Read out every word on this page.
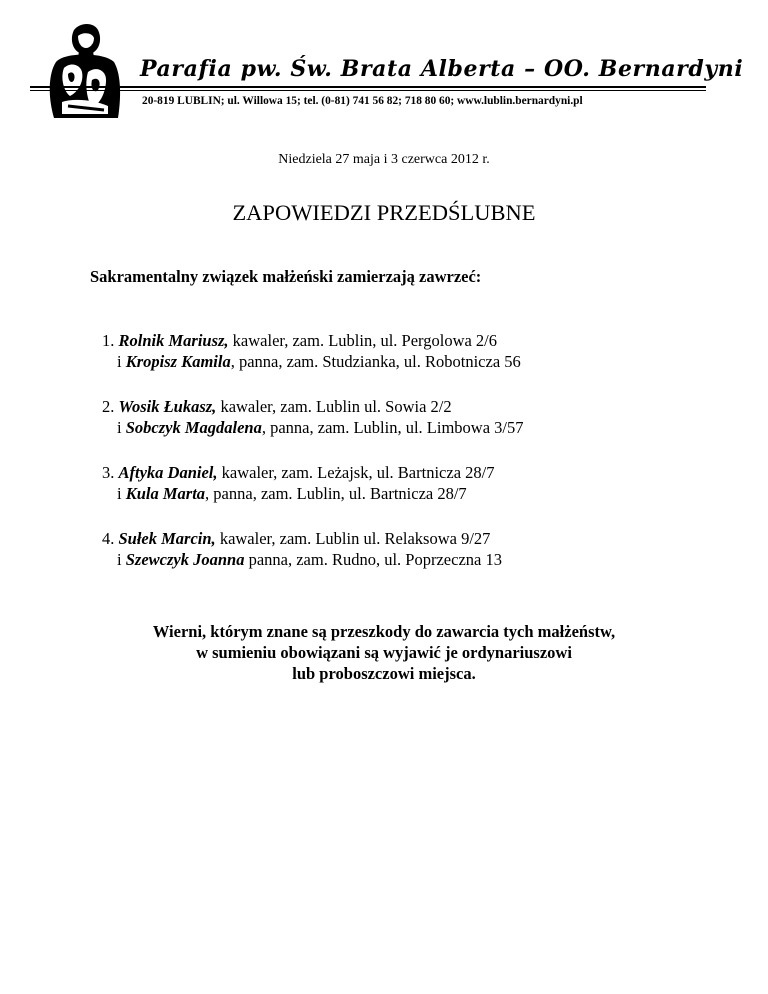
Parafia pw. Św. Brata Alberta – OO. Bernardyni
20-819 LUBLIN; ul. Willowa 15; tel. (0-81) 741 56 82; 718 80 60; www.lublin.bernardyni.pl
Niedziela 27 maja i 3 czerwca 2012 r.
ZAPOWIEDZI PRZEDŚLUBNE
Sakramentalny związek małżeński zamierzają zawrzeć:
1. Rolnik Mariusz, kawaler, zam. Lublin, ul. Pergolowa 2/6
i Kropisz Kamila, panna, zam. Studzianka, ul. Robotnicza 56
2. Wosik Łukasz, kawaler, zam. Lublin ul. Sowia 2/2
i Sobczyk Magdalena, panna, zam. Lublin, ul. Limbowa 3/57
3. Aftyka Daniel, kawaler, zam. Leżajsk, ul. Bartnicza 28/7
i Kula Marta, panna, zam. Lublin, ul. Bartnicza 28/7
4. Sułek Marcin, kawaler, zam. Lublin ul. Relaksowa 9/27
i Szewczyk Joanna panna, zam. Rudno, ul. Poprzeczna 13
Wierni, którym znane są przeszkody do zawarcia tych małżeństw,
w sumieniu obowiązani są wyjawić je ordynariuszowi
lub proboszczowi miejsca.
